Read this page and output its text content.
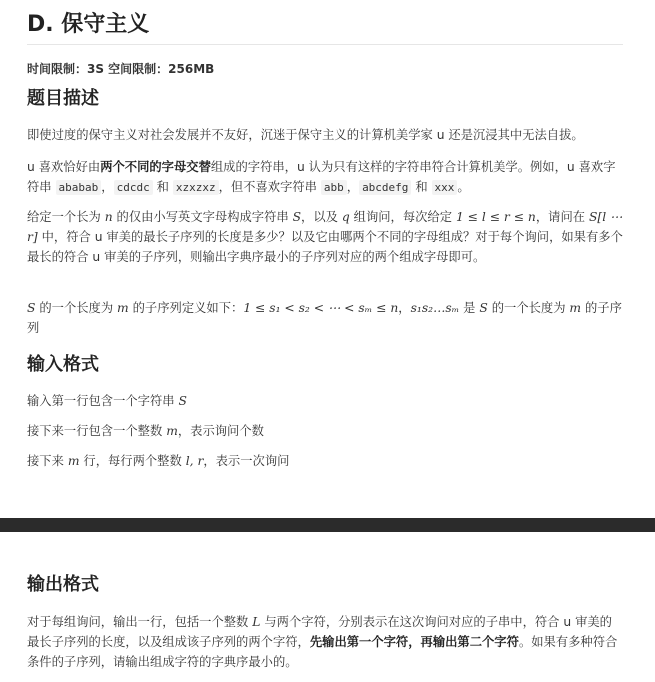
D. 保守主义
时间限制：3S 空间限制：256MB
题目描述

即使过度的保守主义对社会发展并不友好，沉迷于保守主义的计算机美学家 u 还是沉浸其中无法自拔。

u 喜欢恰好由两个不同的字母交替组成的字符串，u 认为只有这样的字符串符合计算机美学。例如，u 喜欢字符串 ababab ， cdcdc 和 xzxzxz ，但不喜欢字符串 abb ， abcdefg 和 xxx 。

给定一个长为 n 的仅由小写英文字母构成字符串 S，以及 q 组询问，每次给定 1 ≤ l ≤ r ≤ n，请问在 S[l ⋯ r] 中，符合 u 审美的最长子序列的长度是多少？以及它由哪两个不同的字母组成？对于每个询问，如果有多个最长的符合 u 审美的子序列，则输出字典序最小的子序列对应的两个组成字母即可。

S 的一个长度为 m 的子序列定义如下：1 ≤ s₁ < s₂ < ⋯ < sₘ ≤ n，s₁s₂…sₘ 是 S 的一个长度为 m 的子序列

输入格式

输入第一行包含一个字符串 S

接下来一行包含一个整数 m，表示询问个数

接下来 m 行，每行两个整数 l, r，表示一次询问

输出格式

对于每组询问，输出一行，包括一个整数 L 与两个字符，分别表示在这次询问对应的子串中，符合 u 审美的最长子序列的长度，以及组成该子序列的两个字符，先输出第一个字符，再输出第二个字符。如果有多种符合条件的子序列，请输出组成字符的字典序最小的。
